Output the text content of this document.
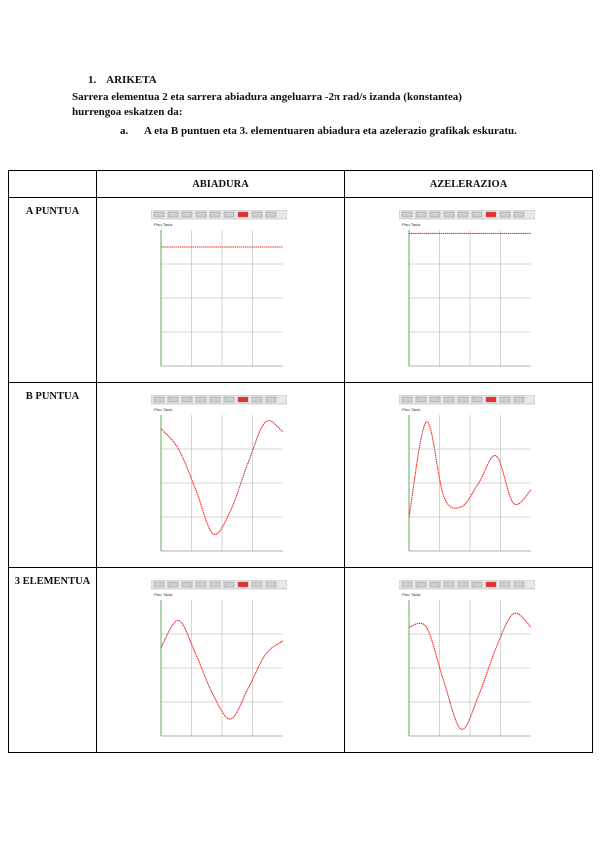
1. ARIKETA
Sarrera elementua 2 eta sarrera abiadura angeluarra -2π rad/s izanda (konstantea)
hurrengoa eskatzen da:
a.	A eta B puntuen eta 3. elementuaren abiadura eta azelerazio grafikak eskuratu.
	ABIADURA	AZELERAZIOA
A PUNTUA	Pisu Taula	Pisu Taula

B PUNTUA	Pisu Taula	Pisu Taula

3 ELEMENTUA	Pisu Taula	Pisu Taula
